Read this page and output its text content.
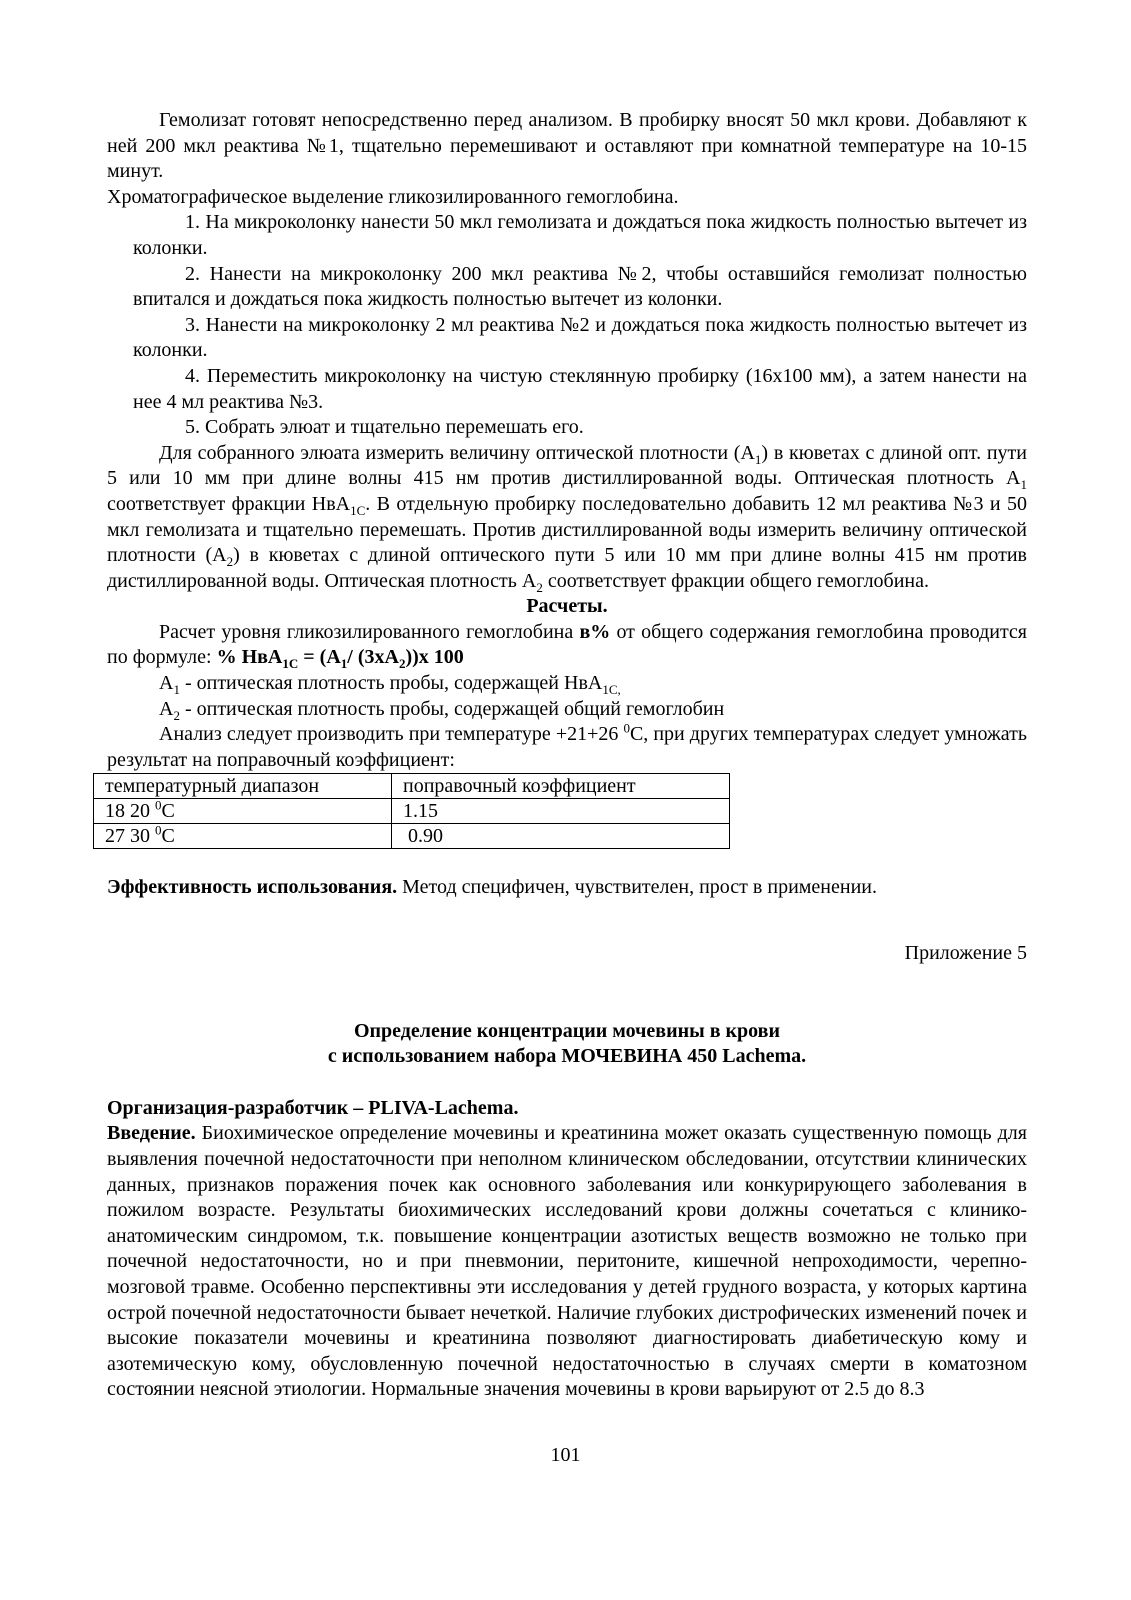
Гемолизат готовят непосредственно перед анализом. В пробирку вносят 50 мкл крови. Добавляют к ней 200 мкл реактива №1, тщательно перемешивают и оставляют при комнатной температуре на 10-15 минут.

Хроматографическое выделение гликозилированного гемоглобина.

1. На микроколонку нанести 50 мкл гемолизата и дождаться пока жидкость полностью вытечет из колонки.

2. Нанести на микроколонку 200 мкл реактива №2, чтобы оставшийся гемолизат полностью впитался и дождаться пока жидкость полностью вытечет из колонки.

3. Нанести на микроколонку 2 мл реактива №2 и дождаться пока жидкость полностью вытечет из колонки.

4. Переместить микроколонку на чистую стеклянную пробирку (16х100 мм), а затем нанести на нее 4 мл реактива №3.

5. Собрать элюат и тщательно перемешать его.

Для собранного элюата измерить величину оптической плотности $(А_1)$ в кюветах с длиной опт. пути 5 или 10 мм при длине волны 415 нм против дистиллированной воды. Оптическая плотность $А_1$ соответствует фракции НвА$_{1С}$. В отдельную пробирку последовательно добавить 12 мл реактива №3 и 50 мкл гемолизата и тщательно перемешать. Против дистиллированной воды измерить величину оптической плотности $(А_2)$ в кюветах с длиной оптического пути 5 или 10 мм при длине волны 415 нм против дистиллированной воды. Оптическая плотность $А_2$ соответствует фракции общего гемоглобина.

Расчеты.

Расчет уровня гликозилированного гемоглобина в% от общего содержания гемоглобина проводится по формуле: % $НвА_{1С} = (А_1/$ $(3хА_2))х$ 100

$А_1$ - оптическая плотность пробы, содержащей НвА$_{1С,}$

$А_2$ - оптическая плотность пробы, содержащей общий гемоглобин

Анализ следует производить при температуре +21+26 $^0$С, при других температурах следует умножать результат на поправочный коэффициент:

температурный диапазон	поправочный коэффициент
18 20 $^0$С	1.15
27 30 $^0$С	0.90

Эффективность использования. Метод специфичен, чувствителен, прост в применении.

Приложение 5

Определение концентрации мочевины в крови

с использованием набора МОЧЕВИНА 450 Lachema.

Организация-разработчик – PLIVA-Lachema.

Введение. Биохимическое определение мочевины и креатинина может оказать существенную помощь для выявления почечной недостаточности при неполном клиническом обследовании, отсутствии клинических данных, признаков поражения почек как основного заболевания или конкурирующего заболевания в пожилом возрасте. Результаты биохимических исследований крови должны сочетаться с клинико-анатомическим синдромом, т.к. повышение концентрации азотистых веществ возможно не только при почечной недостаточности, но и при пневмонии, перитоните, кишечной непроходимости, черепно-мозговой травме. Особенно перспективны эти исследования у детей грудного возраста, у которых картина острой почечной недостаточности бывает нечеткой. Наличие глубоких дистрофических изменений почек и высокие показатели мочевины и креатинина позволяют диагностировать диабетическую кому и азотемическую кому, обусловленную почечной недостаточностью в случаях смерти в коматозном состоянии неясной этиологии. Нормальные значения мочевины в крови варьируют от 2.5 до 8.3

101
